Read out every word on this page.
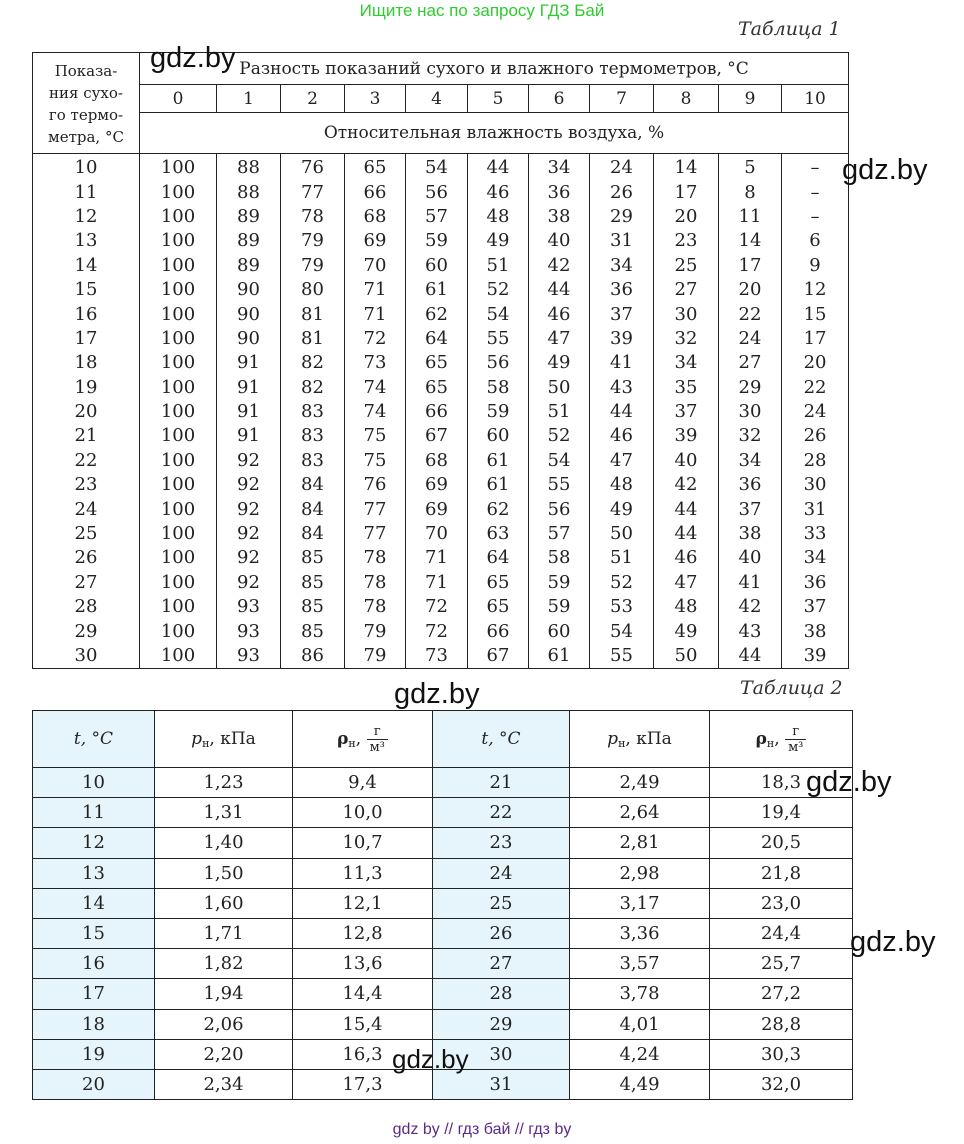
Ищите нас по запросу ГДЗ Бай
Таблица 1
Показа-
ния сухо-
го термо-
метра, °С	Разность показаний сухого и влажного термометров, °С										
	0	1	2	3	4	5	6	7	8	9	10
	Относительная влажность воздуха, %										
10	100	88	76	65	54	44	34	24	14	5	–
11	100	88	77	66	56	46	36	26	17	8	–
12	100	89	78	68	57	48	38	29	20	11	–
13	100	89	79	69	59	49	40	31	23	14	6
14	100	89	79	70	60	51	42	34	25	17	9
15	100	90	80	71	61	52	44	36	27	20	12
16	100	90	81	71	62	54	46	37	30	22	15
17	100	90	81	72	64	55	47	39	32	24	17
18	100	91	82	73	65	56	49	41	34	27	20
19	100	91	82	74	65	58	50	43	35	29	22
20	100	91	83	74	66	59	51	44	37	30	24
21	100	91	83	75	67	60	52	46	39	32	26
22	100	92	83	75	68	61	54	47	40	34	28
23	100	92	84	76	69	61	55	48	42	36	30
24	100	92	84	77	69	62	56	49	44	37	31
25	100	92	84	77	70	63	57	50	44	38	33
26	100	92	85	78	71	64	58	51	46	40	34
27	100	92	85	78	71	65	59	52	47	41	36
28	100	93	85	78	72	65	59	53	48	42	37
29	100	93	85	79	72	66	60	54	49	43	38
30	100	93	86	79	73	67	61	55	50	44	39
Таблица 2
t, °С	$p_н$, кПа	$\rho_н$, $\frac{г}{\text{м³}}$	t, °С	$p_н$, кПа	$\rho_н$, $\frac{г}{\text{м³}}$

10	1,23	9,4	21	2,49	18,3
11	1,31	10,0	22	2,64	19,4
12	1,40	10,7	23	2,81	20,5
13	1,50	11,3	24	2,98	21,8
14	1,60	12,1	25	3,17	23,0
15	1,71	12,8	26	3,36	24,4
16	1,82	13,6	27	3,57	25,7
17	1,94	14,4	28	3,78	27,2
18	2,06	15,4	29	4,01	28,8
19	2,20	16,3	30	4,24	30,3
20	2,34	17,3	31	4,49	32,0
gdz.by
gdz.by
gdz.by
gdz.by
gdz.by
gdz.by
gdz by // гдз бай // гдз by
